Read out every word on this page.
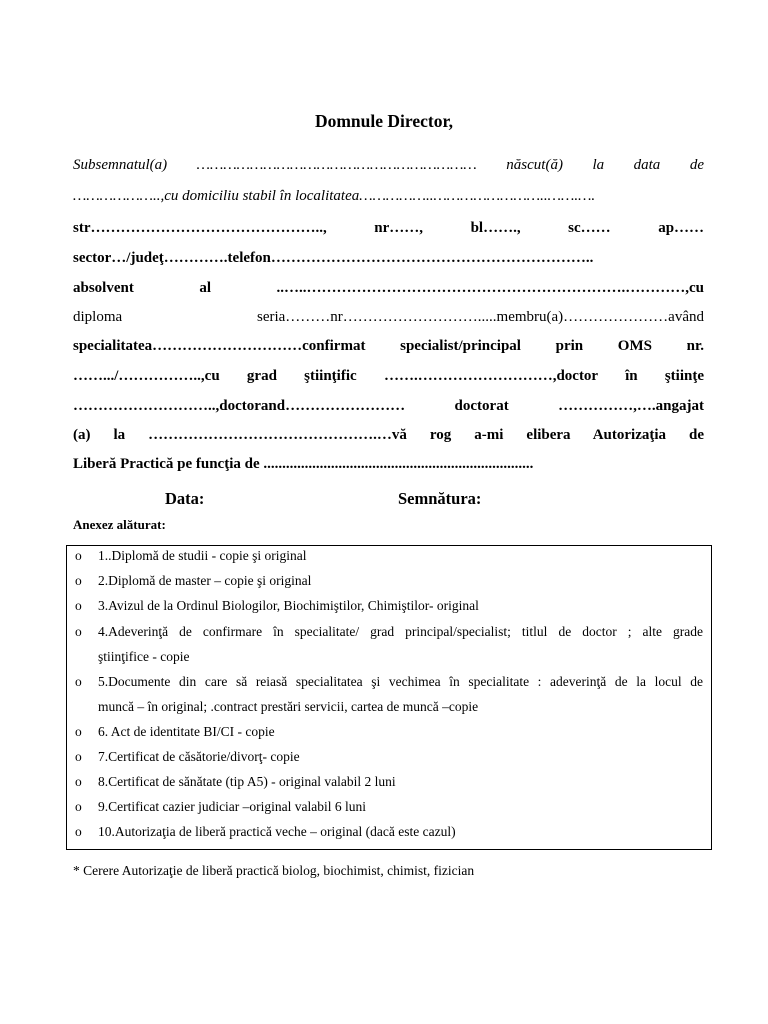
Domnule Director,
Subsemnatul(a) ……………………………………………………… născut(ă) la data de
………………..,cu domiciliu stabil în localitatea……………..……………………..…….….
str………………………………………..,	nr……,	bl…….,	sc……	ap……
sector…/judeţ………….telefon………………………………………………………..
absolvent	al	..…..……………………………………………………….…………,cu
diploma	seria………nr……………………….....membru(a)…………………având
specialitatea…………………………confirmat specialist/principal prin OMS nr.
…….../……………..,cu grad ştiinţific …….………………………,doctor în ştiinţe
………………………..,doctorand……………………	doctorat	……………,….angajat
(a) la ……………………………………….…vă rog a-mi elibera Autorizaţia de
Liberă Practică pe funcţia de ........................................................................
Data:	Semnătura:
Anexez alăturat:
o 1..Diplomă de studii - copie şi original
o 2.Diplomă de master – copie şi original
o 3.Avizul de la Ordinul Biologilor, Biochimiştilor, Chimiştilor- original
o 4.Adeverinţă de confirmare în specialitate/ grad principal/specialist; titlul de doctor ; alte grade
ştiinţifice - copie
o 5.Documente din care să reiasă specialitatea şi vechimea în specialitate : adeverinţă de la locul de
muncă – în original; .contract prestări servicii, cartea de muncă –copie
o 6. Act de identitate BI/CI - copie
o 7.Certificat de căsătorie/divorţ- copie
o 8.Certificat de sănătate (tip A5) - original valabil 2 luni
o 9.Certificat cazier judiciar –original valabil 6 luni
o 10.Autorizaţia de liberă practică veche – original (dacă este cazul)
* Cerere Autorizaţie de liberă practică biolog, biochimist, chimist, fizician
